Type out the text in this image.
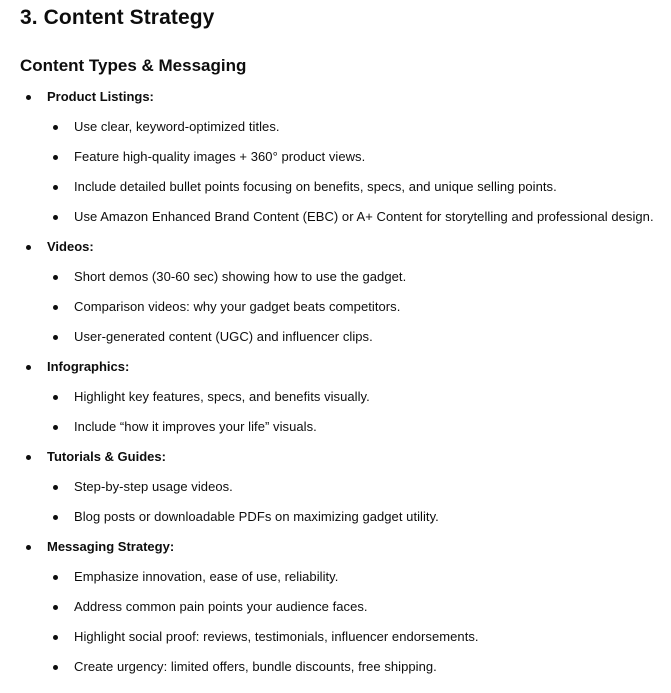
3. Content Strategy
Content Types & Messaging
Product Listings:
Use clear, keyword-optimized titles.
Feature high-quality images + 360° product views.
Include detailed bullet points focusing on benefits, specs, and unique selling points.
Use Amazon Enhanced Brand Content (EBC) or A+ Content for storytelling and professional design.
Videos:
Short demos (30-60 sec) showing how to use the gadget.
Comparison videos: why your gadget beats competitors.
User-generated content (UGC) and influencer clips.
Infographics:
Highlight key features, specs, and benefits visually.
Include “how it improves your life” visuals.
Tutorials & Guides:
Step-by-step usage videos.
Blog posts or downloadable PDFs on maximizing gadget utility.
Messaging Strategy:
Emphasize innovation, ease of use, reliability.
Address common pain points your audience faces.
Highlight social proof: reviews, testimonials, influencer endorsements.
Create urgency: limited offers, bundle discounts, free shipping.
